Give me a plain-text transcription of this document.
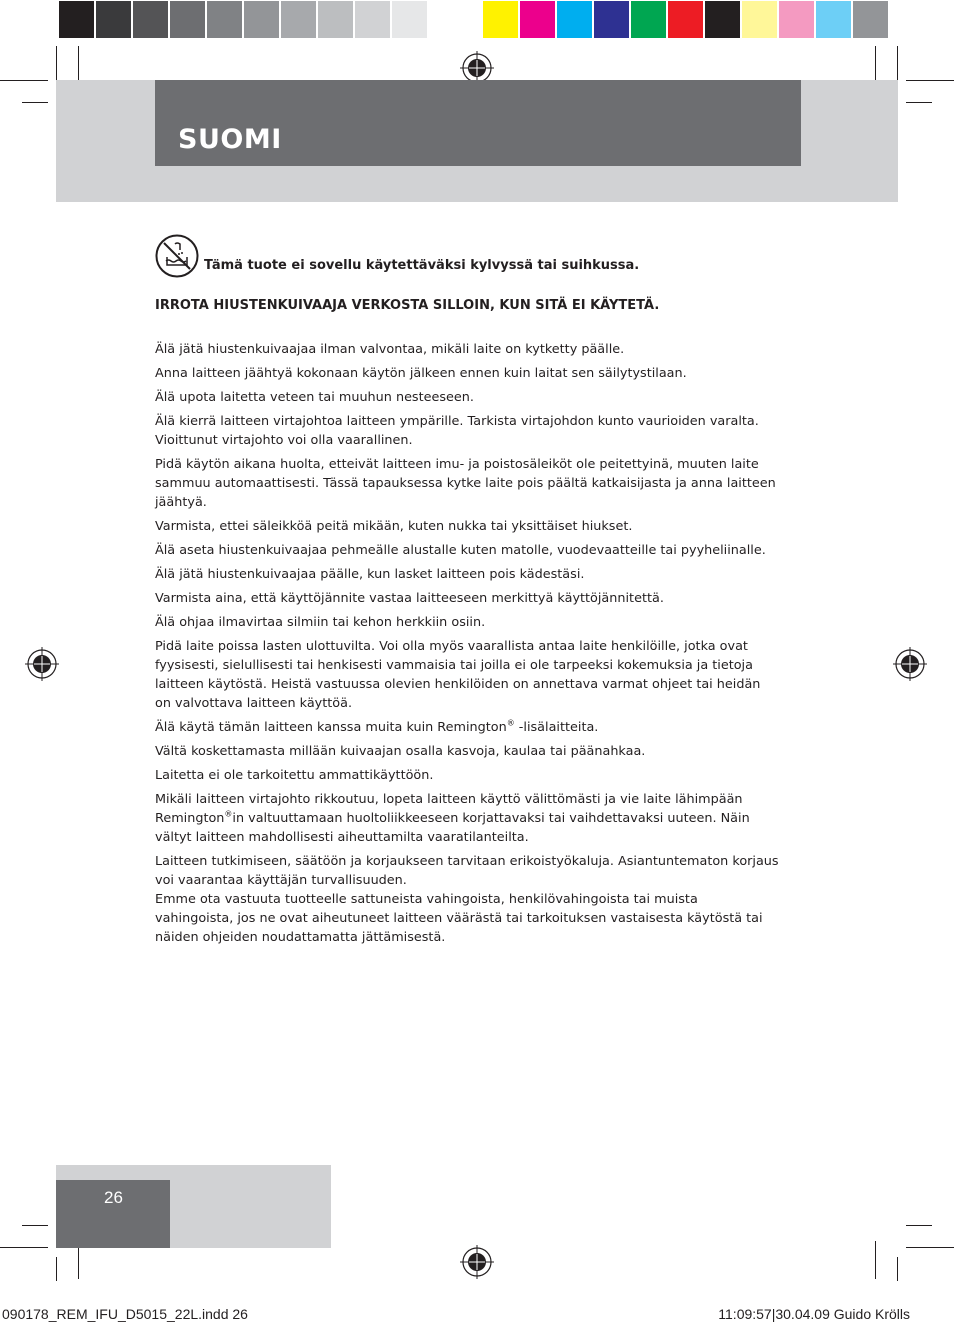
SUOMI
Tämä tuote ei sovellu käytettäväksi kylvyssä tai suihkussa.
IRROTA HIUSTENKUIVAAJA VERKOSTA SILLOIN, KUN SITÄ EI KÄYTETÄ.

Älä jätä hiustenkuivaajaa ilman valvontaa, mikäli laite on kytketty päälle.

Anna laitteen jäähtyä kokonaan käytön jälkeen ennen kuin laitat sen säilytystilaan.

Älä upota laitetta veteen tai muuhun nesteeseen.

Älä kierrä laitteen virtajohtoa laitteen ympärille. Tarkista virtajohdon kunto vaurioiden varalta. Vioittunut virtajohto voi olla vaarallinen.

Pidä käytön aikana huolta, etteivät laitteen imu- ja poistosäleiköt ole peitettyinä, muuten laite sammuu automaattisesti. Tässä tapauksessa kytke laite pois päältä katkaisijasta ja anna laitteen jäähtyä.

Varmista, ettei säleikköä peitä mikään, kuten nukka tai yksittäiset hiukset.

Älä aseta hiustenkuivaajaa pehmeälle alustalle kuten matolle, vuodevaatteille tai pyyheliinalle.

Älä jätä hiustenkuivaajaa päälle, kun lasket laitteen pois kädestäsi.

Varmista aina, että käyttöjännite vastaa laitteeseen merkittyä käyttöjännitettä.

Älä ohjaa ilmavirtaa silmiin tai kehon herkkiin osiin.

Pidä laite poissa lasten ulottuvilta. Voi olla myös vaarallista antaa laite henkilöille, jotka ovat fyysisesti, sielullisesti tai henkisesti vammaisia tai joilla ei ole tarpeeksi kokemuksia ja tietoja laitteen käytöstä. Heistä vastuussa olevien henkilöiden on annettava varmat ohjeet tai heidän on valvottava laitteen käyttöä.

Älä käytä tämän laitteen kanssa muita kuin Remington® -lisälaitteita.

Vältä koskettamasta millään kuivaajan osalla kasvoja, kaulaa tai päänahkaa.

Laitetta ei ole tarkoitettu ammattikäyttöön.

Mikäli laitteen virtajohto rikkoutuu, lopeta laitteen käyttö välittömästi ja vie laite lähimpään Remington®in valtuuttamaan huoltoliikkeeseen korjattavaksi tai vaihdettavaksi uuteen. Näin vältyt laitteen mahdollisesti aiheuttamilta vaaratilanteilta.

Laitteen tutkimiseen, säätöön ja korjaukseen tarvitaan erikoistyökaluja. Asiantuntematon korjaus voi vaarantaa käyttäjän turvallisuuden.

Emme ota vastuuta tuotteelle sattuneista vahingoista, henkilövahingoista tai muista vahingoista, jos ne ovat aiheutuneet laitteen väärästä tai tarkoituksen vastaisesta käytöstä tai näiden ohjeiden noudattamatta jättämisestä.

26
090178_REM_IFU_D5015_22L.indd 26	11:09:57|30.04.09 Guido Krölls
